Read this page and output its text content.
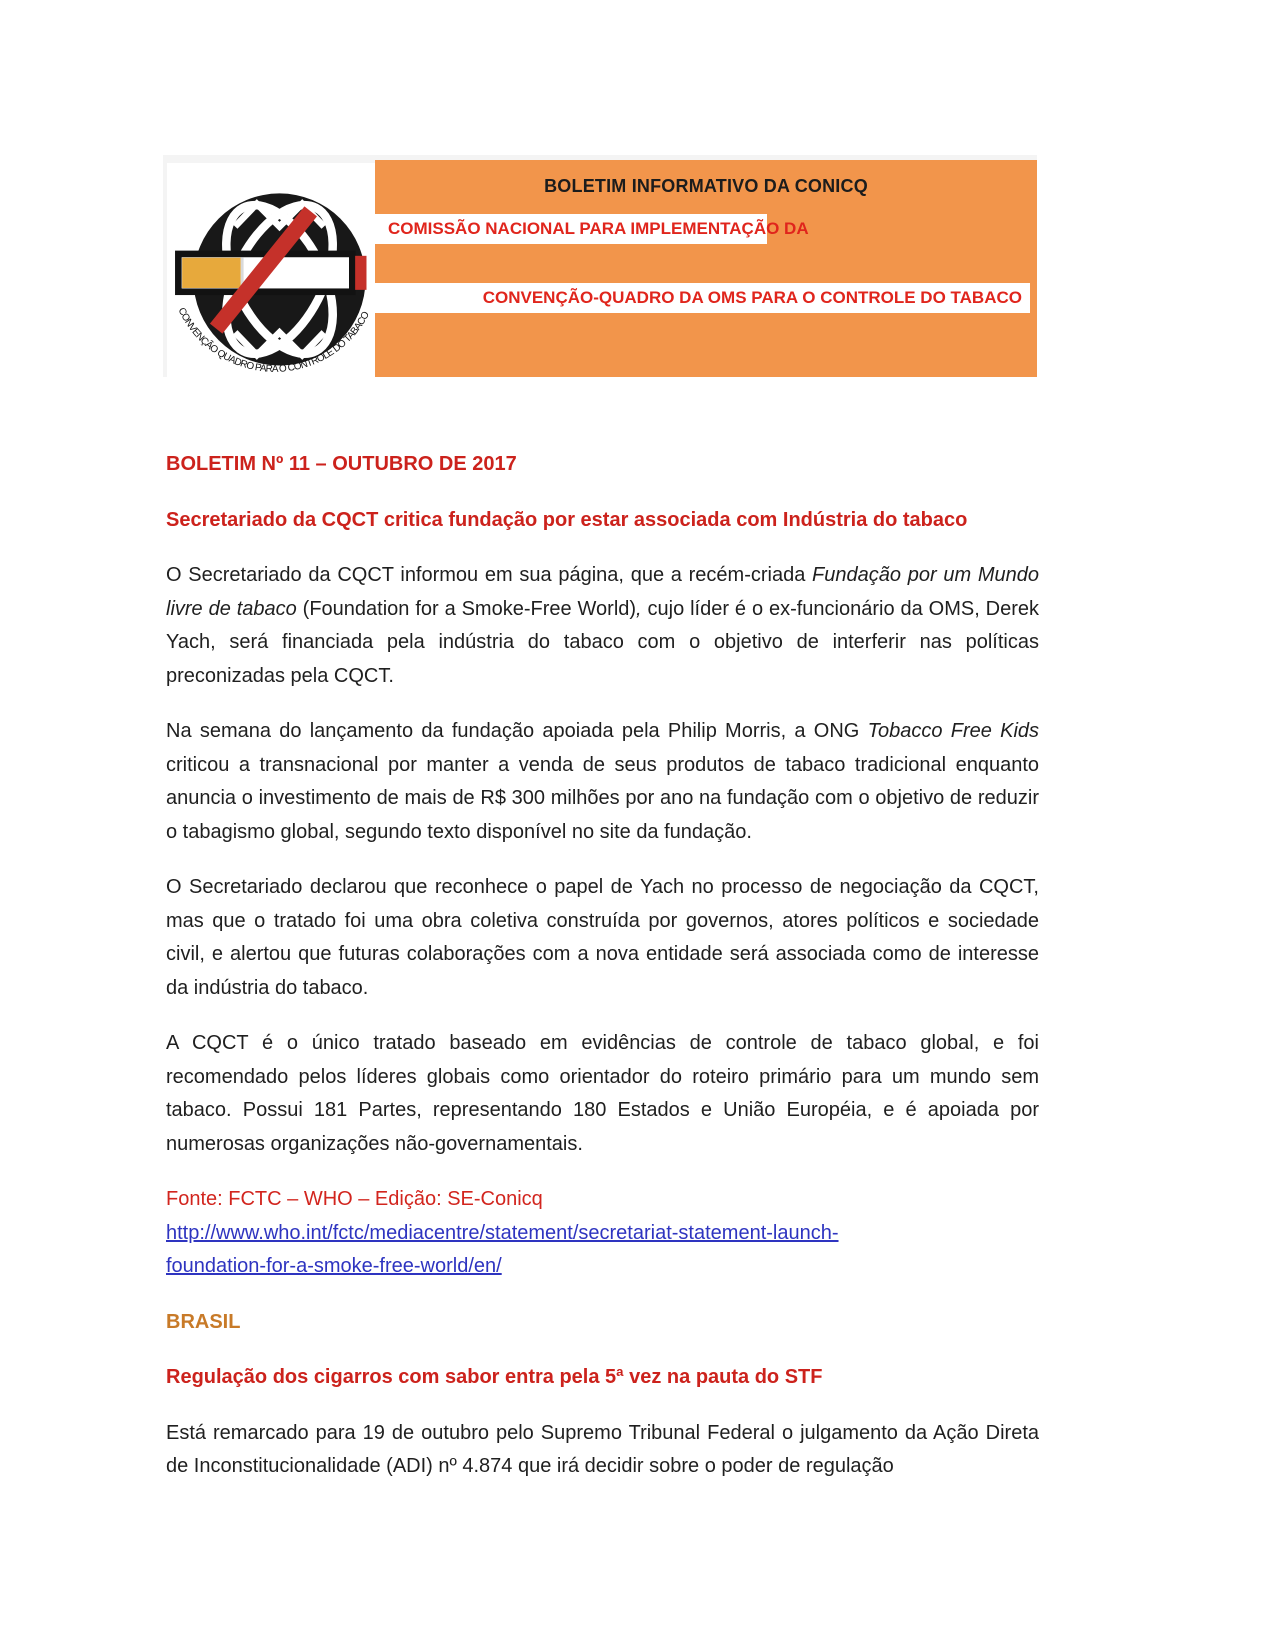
CONVENÇÃO QUADRO PARA O CONTROLE DO TABACO

BOLETIM INFORMATIVO DA CONICQ

COMISSÃO NACIONAL PARA IMPLEMENTAÇÃO DA
CONVENÇÃO-QUADRO DA OMS PARA O CONTROLE DO TABACO
BOLETIM Nº 11 – OUTUBRO DE 2017
Secretariado da CQCT critica fundação por estar associada com Indústria do tabaco

O Secretariado da CQCT informou em sua página, que a recém-criada Fundação por um Mundo livre de tabaco (Foundation for a Smoke-Free World), cujo líder é o ex-funcionário da OMS, Derek Yach, será financiada pela indústria do tabaco com o objetivo de interferir nas políticas preconizadas pela CQCT.

Na semana do lançamento da fundação apoiada pela Philip Morris, a ONG Tobacco Free Kids criticou a transnacional por manter a venda de seus produtos de tabaco tradicional enquanto anuncia o investimento de mais de R$ 300 milhões por ano na fundação com o objetivo de reduzir o tabagismo global, segundo texto disponível no site da fundação.

O Secretariado declarou que reconhece o papel de Yach no processo de negociação da CQCT, mas que o tratado foi uma obra coletiva construída por governos, atores políticos e sociedade civil, e alertou que futuras colaborações com a nova entidade será associada como de interesse da indústria do tabaco.

A CQCT é o único tratado baseado em evidências de controle de tabaco global, e foi recomendado pelos líderes globais como orientador do roteiro primário para um mundo sem tabaco. Possui 181 Partes, representando 180 Estados e União Européia, e é apoiada por numerosas organizações não-governamentais.

Fonte: FCTC – WHO – Edição: SE-Conicq
http://www.who.int/fctc/mediacentre/statement/secretariat-statement-launch-
foundation-for-a-smoke-free-world/en/
BRASIL
Regulação dos cigarros com sabor entra pela 5ª vez na pauta do STF

Está remarcado para 19 de outubro pelo Supremo Tribunal Federal o julgamento da Ação Direta de Inconstitucionalidade (ADI) nº 4.874 que irá decidir sobre o poder de regulação
